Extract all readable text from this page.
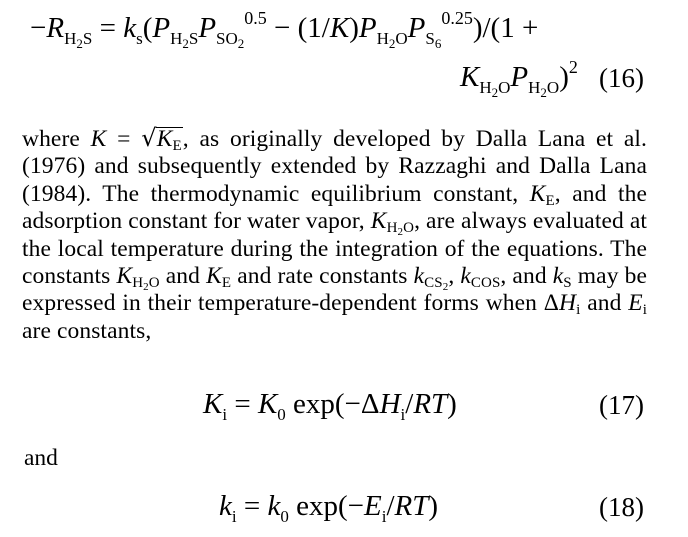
$-R_{H_2S} = k_s(P_{H_2S}P_{SO_2}^{0.5} - (1/K)P_{H_2O}P_{S_6}^{0.25})/(1$ +
$K_{H_2O}P_{H_2O})^2$ (16)
where $K = √K_E$, as originally developed by Dalla Lana et al. (1976) and subsequently extended by Razzaghi and Dalla Lana (1984). The thermodynamic equilibrium constant, $K_E$, and the adsorption constant for water vapor, $K_{H_2O}$, are always evaluated at the local temperature during the integration of the equations. The constants $K_{H_2O}$ and $K_E$ and rate constants $k_{CS_2}$, $k_{COS}$, and $k_S$ may be expressed in their temperature-dependent forms when $\Delta H_i$ and $E_i$ are constants,
$K_i = K_0$ $\exp(-\Delta H_i/RT)$	(17)
and
$k_i = k_0$ $\exp(-E_i/RT)$	(18)
